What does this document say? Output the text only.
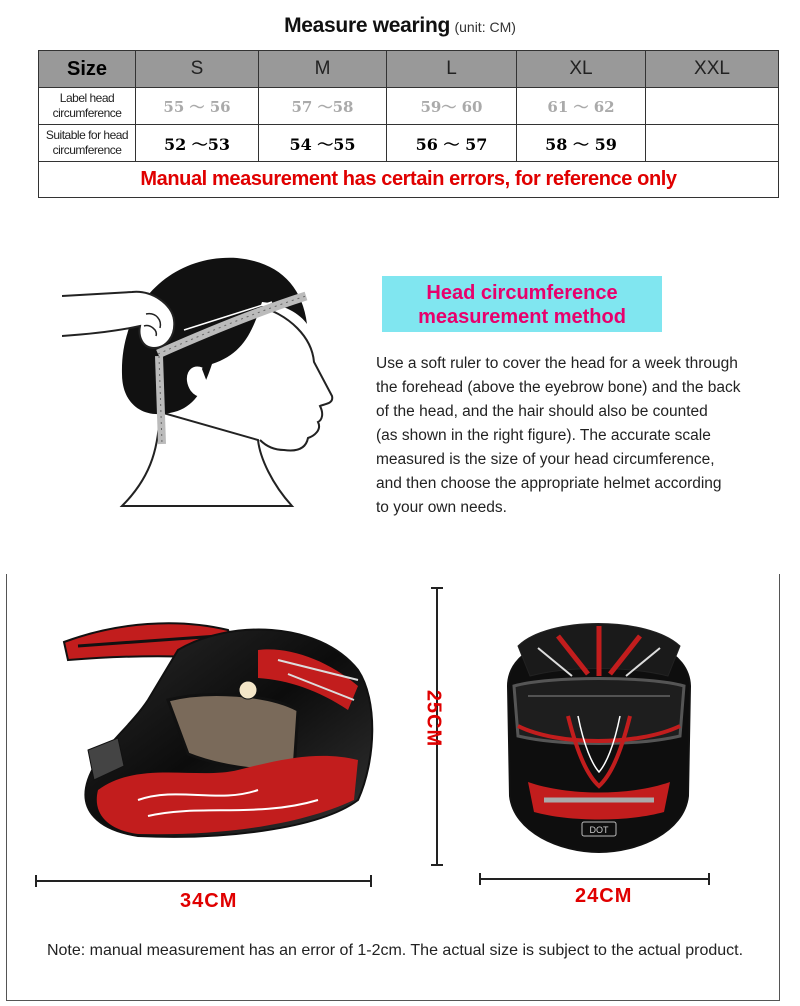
Measure wearing (unit: CM)
Size	S	M	L	XL	XXL

Label head
circumference	55 ～ 56	57 ～58	59～ 60	61 ～ 62	

Suitable for head
circumference	52 ～53	54 ～55	56 ～ 57	58 ～ 59	
Manual measurement has certain errors, for reference only					
Head circumference
measurement method
Use a soft ruler to cover the head for a week through
the forehead (above the eyebrow bone) and the back
of the head, and the hair should also be counted
(as shown in the right figure). The accurate scale
measured is the size of your head circumference,
and then choose the appropriate helmet according
to your own needs.
DOT
34CM	24CM
25CM
Note: manual measurement has an error of 1-2cm. The actual size is subject to the actual product.
